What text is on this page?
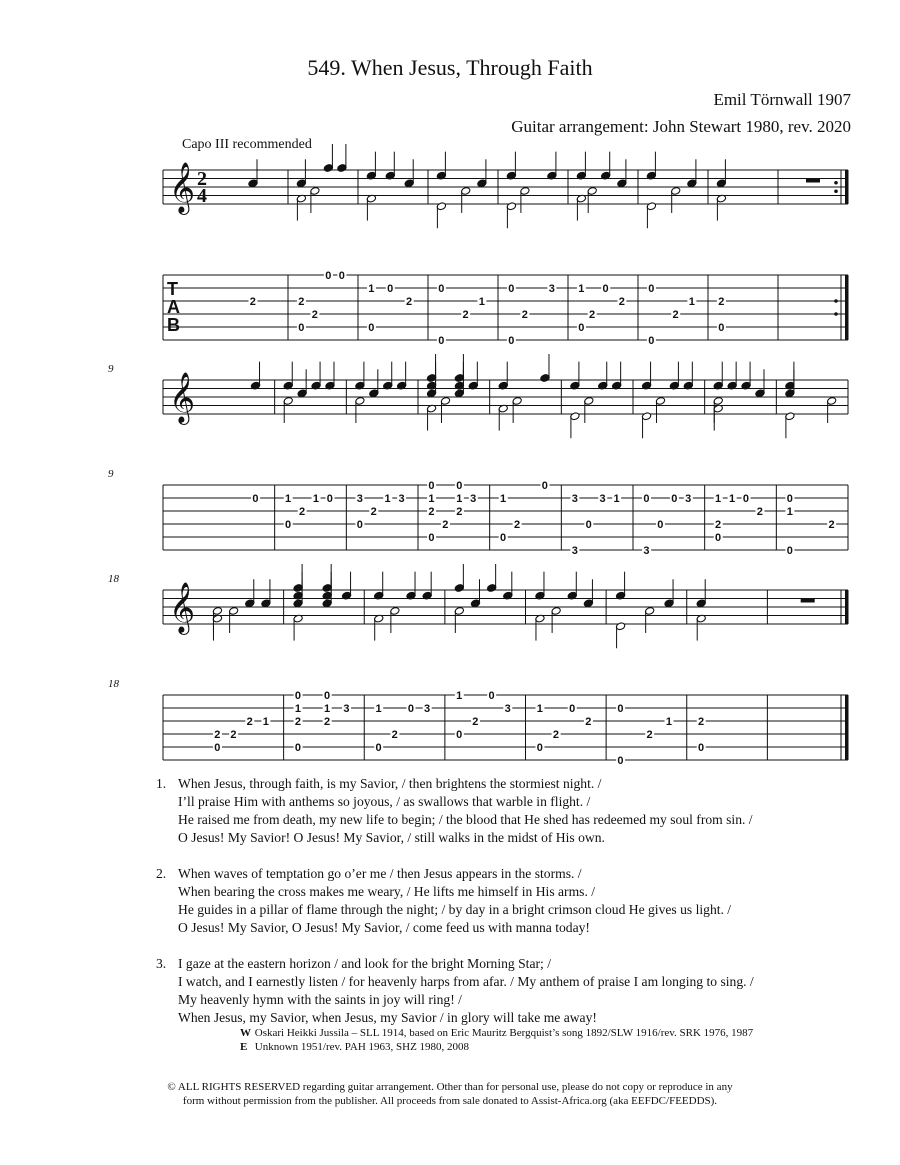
549. When Jesus, Through Faith
Emil Törnwall 1907
Guitar arrangement: John Stewart 1980, rev. 2020
Capo III recommended
𝄞
T
A
B
2
4
2	2
0
2
0 0
1
0
0
2
0
0
2
1
0
0
2
3 1
0
2
0
2
0
0
2
1 2
0
𝄞
9
9
0 1
0
2
1 0 3
0
2
1 3
0
1
2
0
2
0
1
2
3 1
0
2
0
3
0
3
3 1 0
0
3
0 3 1
2
0
1 0
2
0
1
0
2
𝄞
18
18
2
0
2
2 1
0
1
2
0
0
1
2
3 1
0
2
0 3
1
0
2
0
3 1
0
2
0
2
0
0
2
1 2
0
1. When Jesus, through faith, is my Savior, / then brightens the stormiest night. /
I’ll praise Him with anthems so joyous, / as swallows that warble in flight. /
He raised me from death, my new life to begin; / the blood that He shed has redeemed my soul from sin. /
O Jesus! My Savior! O Jesus! My Savior, / still walks in the midst of His own.
2. When waves of temptation go o’er me / then Jesus appears in the storms. /
When bearing the cross makes me weary, / He lifts me himself in His arms. /
He guides in a pillar of flame through the night; / by day in a bright crimson cloud He gives us light. /
O Jesus! My Savior, O Jesus! My Savior, / come feed us with manna today!
3. I gaze at the eastern horizon / and look for the bright Morning Star; /
I watch, and I earnestly listen / for heavenly harps from afar. / My anthem of praise I am longing to sing. /
My heavenly hymn with the saints in joy will ring! /
When Jesus, my Savior, when Jesus, my Savior / in glory will take me away!
W Oskari Heikki Jussila – SLL 1914, based on Eric Mauritz Bergquist’s song 1892/SLW 1916/rev. SRK 1976, 1987
E Unknown 1951/rev. PAH 1963, SHZ 1980, 2008
© ALL RIGHTS RESERVED regarding guitar arrangement. Other than for personal use, please do not copy or reproduce in any
form without permission from the publisher. All proceeds from sale donated to Assist-Africa.org (aka EEFDC/FEEDDS).
